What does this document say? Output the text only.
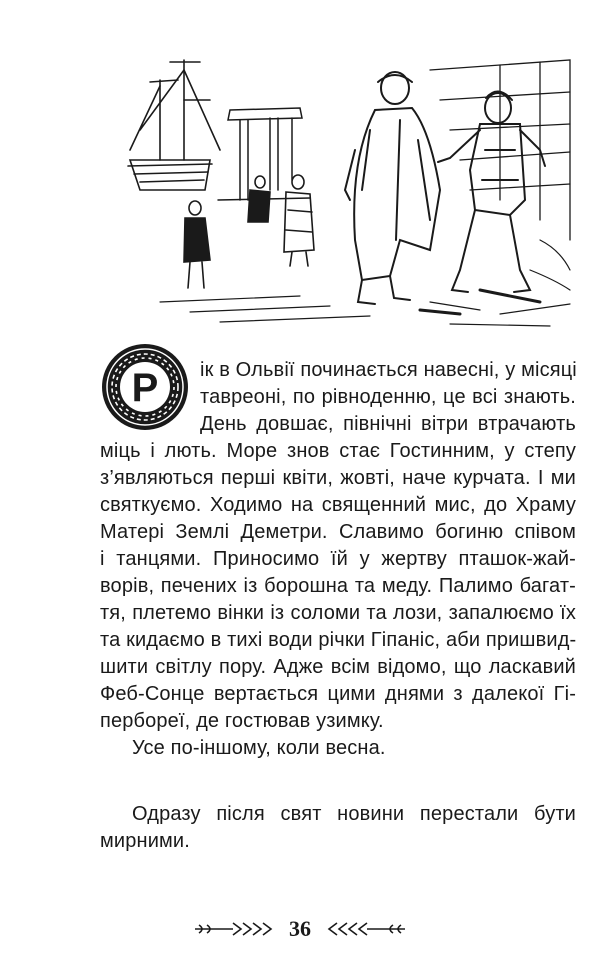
Р ік в Ольвії починається навесні, у місяці
тавреоні, по рівноденню, це всі знають.
День довшає, північні вітри втрачають
міць і лють. Море знов стає Гостинним, у степу
з’являються перші квіти, жовті, наче курчата. І ми
святкуємо. Ходимо на священний мис, до Храму
Матері Землі Деметри. Славимо богиню співом
і танцями. Приносимо їй у жертву пташок-жай-
ворів, печених із борошна та меду. Палимо багат-
тя, плетемо вінки із соломи та лози, запалюємо їх
та кидаємо в тихі води річки Гіпаніс, аби пришвид-
шити світлу пору. Адже всім відомо, що ласкавий
Феб-Сонце вертається цими днями з далекої Гі-
пербореї, де гостював узимку.
Усе по-іншому, коли весна.
Одразу після свят новини перестали бути
мирними.
36
